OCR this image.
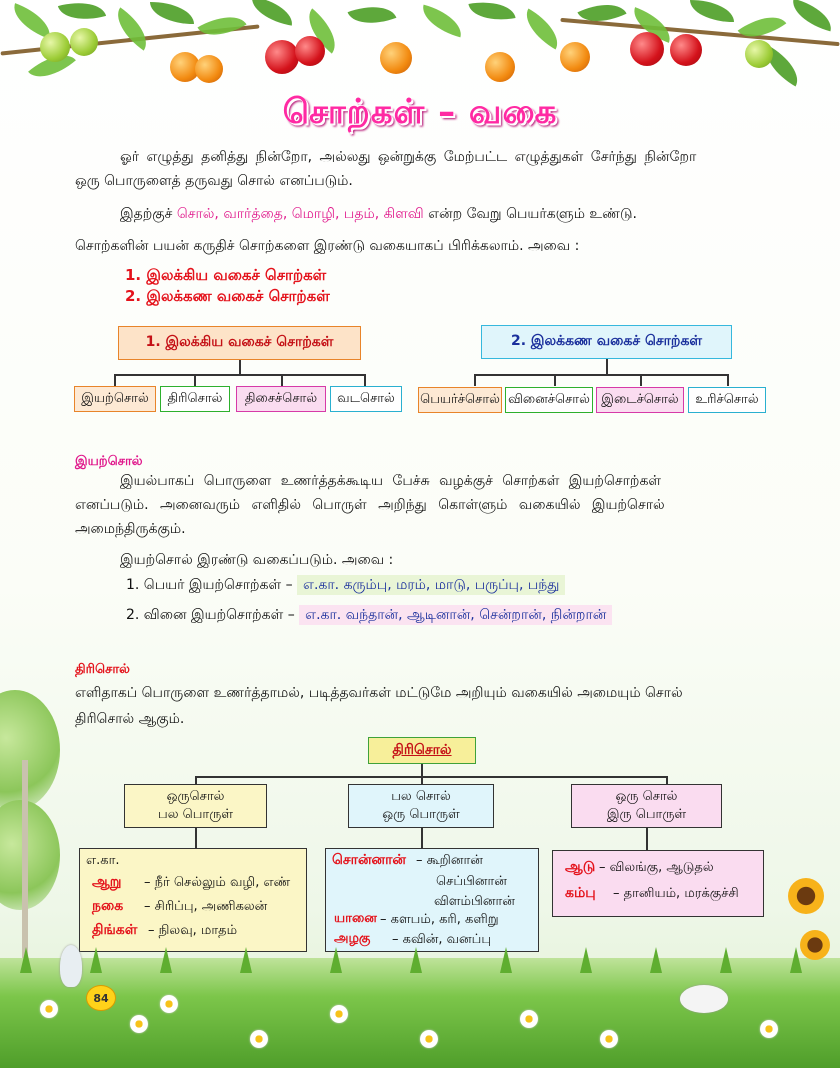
சொற்கள் – வகை
ஓர் எழுத்து தனித்து நின்றோ, அல்லது ஒன்றுக்கு மேற்பட்ட எழுத்துகள் சேர்ந்து நின்றோ
ஒரு பொருளைத் தருவது சொல் எனப்படும்.
இதற்குச் சொல், வார்த்தை, மொழி, பதம், கிளவி என்ற வேறு பெயர்களும் உண்டு.
சொற்களின் பயன் கருதிச் சொற்களை இரண்டு வகையாகப் பிரிக்கலாம். அவை :
1. இலக்கிய வகைச் சொற்கள்
2. இலக்கண வகைச் சொற்கள்
1. இலக்கிய வகைச் சொற்கள்
இயற்சொல்	திரிசொல்	திசைச்சொல்	வடசொல்
2. இலக்கண வகைச் சொற்கள்
பெயர்ச்சொல் வினைச்சொல் இடைச்சொல்	உரிச்சொல்
இயற்சொல்
இயல்பாகப் பொருளை உணர்த்தக்கூடிய பேச்சு வழக்குச் சொற்கள் இயற்சொற்கள்
எனப்படும். அனைவரும் எளிதில் பொருள் அறிந்து கொள்ளும் வகையில் இயற்சொல்
அமைந்திருக்கும்.
இயற்சொல் இரண்டு வகைப்படும். அவை :
1. பெயர் இயற்சொற்கள் – எ.கா. கரும்பு, மரம், மாடு, பருப்பு, பந்து
2. வினை இயற்சொற்கள் – எ.கா. வந்தான், ஆடினான், சென்றான், நின்றான்
திரிசொல்
எளிதாகப் பொருளை உணர்த்தாமல், படித்தவர்கள் மட்டுமே அறியும் வகையில் அமையும் சொல்
திரிசொல் ஆகும்.
திரிசொல்
ஒருசொல்
பல பொருள்
பல சொல்
ஒரு பொருள்
ஒரு சொல்
இரு பொருள்
எ.கா.
ஆறு – நீர் செல்லும் வழி, எண்
நகை – சிரிப்பு, அணிகலன்
திங்கள் – நிலவு, மாதம்
சொன்னான் – கூறினான்
செப்பினான்
விளம்பினான்
யானை – களபம், கரி, களிறு
அழகு – கவின், வனப்பு
ஆடு – விலங்கு, ஆடுதல்
கம்பு – தானியம், மரக்குச்சி
84
